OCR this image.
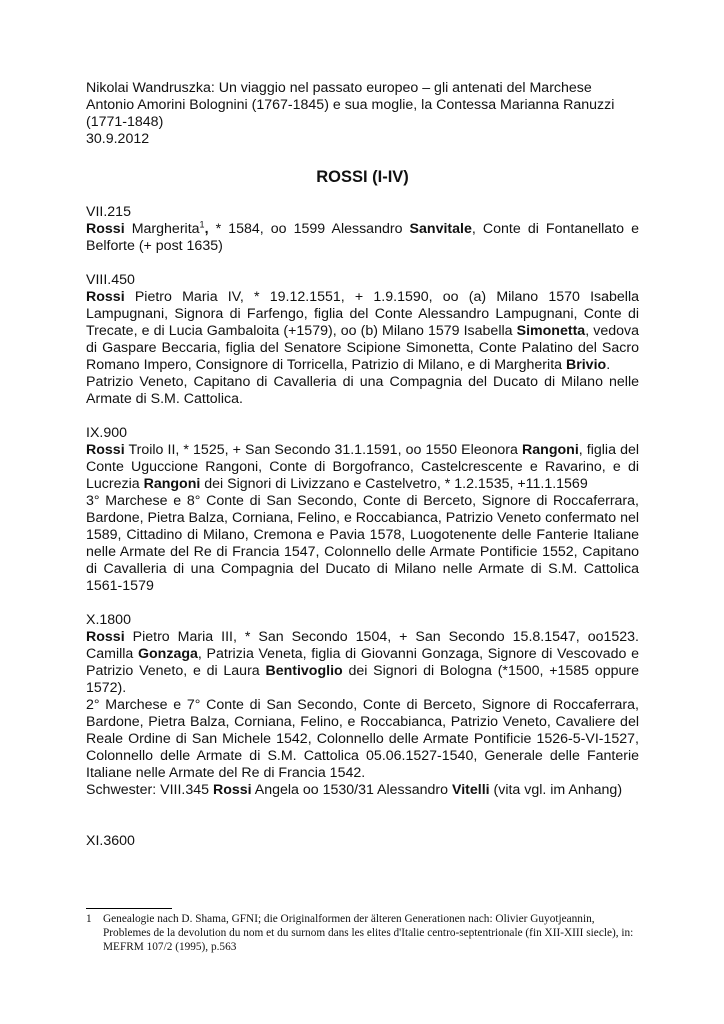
Nikolai Wandruszka: Un viaggio nel passato europeo – gli antenati del Marchese

Antonio Amorini Bolognini (1767-1845) e sua moglie, la Contessa Marianna Ranuzzi

(1771-1848)

30.9.2012

ROSSI (I-IV)
VII.215

Rossi Margherita$^1$, * 1584, oo 1599 Alessandro Sanvitale, Conte di Fontanellato e Belforte (+ post 1635)

VIII.450

Rossi Pietro Maria IV, * 19.12.1551, + 1.9.1590, oo (a) Milano 1570 Isabella Lampugnani, Signora di Farfengo, figlia del Conte Alessandro Lampugnani, Conte di Trecate, e di Lucia Gambaloita (+1579), oo (b) Milano 1579 Isabella Simonetta, vedova di Gaspare Beccaria, figlia del Senatore Scipione Simonetta, Conte Palatino del Sacro Romano Impero, Consignore di Torricella, Patrizio di Milano, e di Margherita Brivio.

Patrizio Veneto, Capitano di Cavalleria di una Compagnia del Ducato di Milano nelle Armate di S.M. Cattolica.

IX.900

Rossi Troilo II, * 1525, + San Secondo 31.1.1591, oo 1550 Eleonora Rangoni, figlia del Conte Uguccione Rangoni, Conte di Borgofranco, Castelcrescente e Ravarino, e di Lucrezia Rangoni dei Signori di Livizzano e Castelvetro, * 1.2.1535, +11.1.1569

3° Marchese e 8° Conte di San Secondo, Conte di Berceto, Signore di Roccaferrara, Bardone, Pietra Balza, Corniana, Felino, e Roccabianca, Patrizio Veneto confermato nel 1589, Cittadino di Milano, Cremona e Pavia 1578, Luogotenente delle Fanterie Italiane nelle Armate del Re di Francia 1547, Colonnello delle Armate Pontificie 1552, Capitano di Cavalleria di una Compagnia del Ducato di Milano nelle Armate di S.M. Cattolica 1561-1579

X.1800

Rossi Pietro Maria III, * San Secondo 1504, + San Secondo 15.8.1547, oo1523. Camilla Gonzaga, Patrizia Veneta, figlia di Giovanni Gonzaga, Signore di Vescovado e Patrizio Veneto, e di Laura Bentivoglio dei Signori di Bologna (*1500, +1585 oppure 1572).

2° Marchese e 7° Conte di San Secondo, Conte di Berceto, Signore di Roccaferrara, Bardone, Pietra Balza, Corniana, Felino, e Roccabianca, Patrizio Veneto, Cavaliere del Reale Ordine di San Michele 1542, Colonnello delle Armate Pontificie 1526-5-VI-1527, Colonnello delle Armate di S.M. Cattolica 05.06.1527-1540, Generale delle Fanterie Italiane nelle Armate del Re di Francia 1542.

Schwester: VIII.345 Rossi Angela oo 1530/31 Alessandro Vitelli (vita vgl. im Anhang)

XI.3600
1 Genealogie nach D. Shama, GFNI; die Originalformen der älteren Generationen nach: Olivier Guyotjeannin, Problemes de la devolution du nom et du surnom dans les elites d'Italie centro-septentrionale (fin XII-XIII siecle), in: MEFRM 107/2 (1995), p.563
